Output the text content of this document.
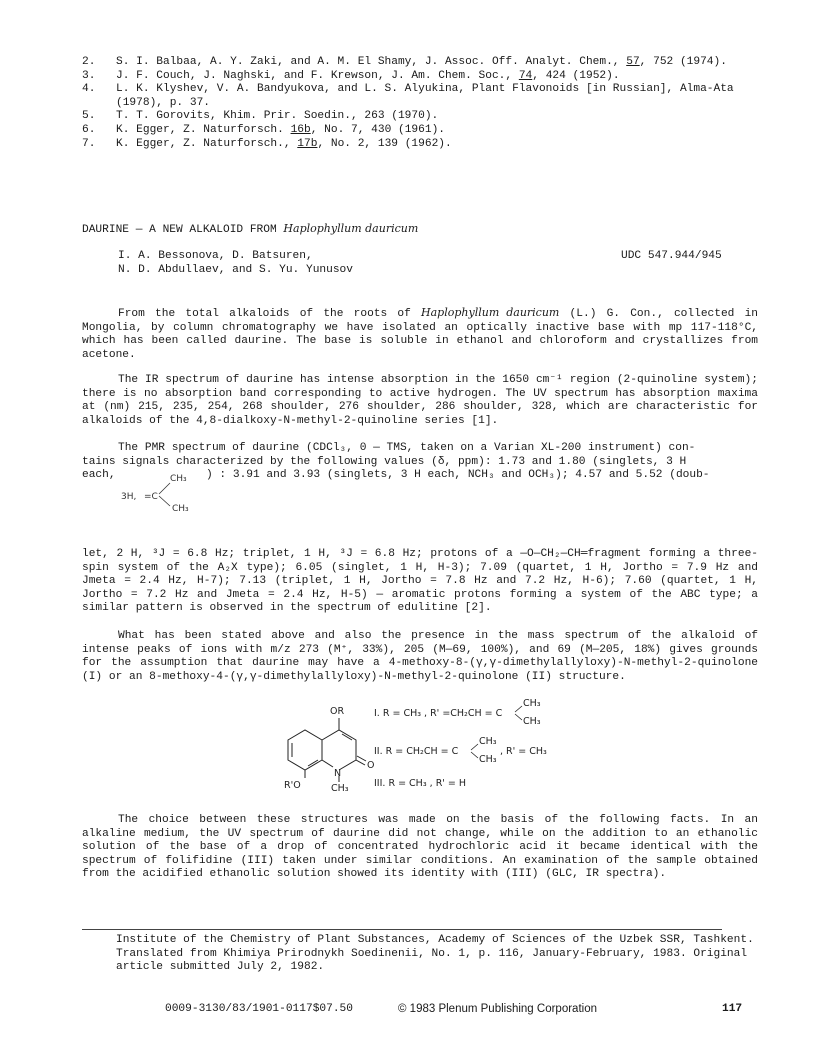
2.	S. I. Balbaa, A. Y. Zaki, and A. M. El Shamy, J. Assoc. Off. Analyt. Chem., 57, 752 (1974).
3.	J. F. Couch, J. Naghski, and F. Krewson, J. Am. Chem. Soc., 74, 424 (1952).
4.	L. K. Klyshev, V. A. Bandyukova, and L. S. Alyukina, Plant Flavonoids [in Russian], Alma-Ata (1978), p. 37.
5.	T. T. Gorovits, Khim. Prir. Soedin., 263 (1970).
6.	K. Egger, Z. Naturforsch. 16b, No. 7, 430 (1961).
7.	K. Egger, Z. Naturforsch., 17b, No. 2, 139 (1962).
DAURINE — A NEW ALKALOID FROM Haplophyllum dauricum
I. A. Bessonova, D. Batsuren,
N. D. Abdullaev, and S. Yu. Yunusov
UDC 547.944/945
From the total alkaloids of the roots of Haplophyllum dauricum (L.) G. Con., collected in Mongolia, by column chromatography we have isolated an optically inactive base with mp 117-118°C, which has been called daurine. The base is soluble in ethanol and chloroform and crystallizes from acetone.
The IR spectrum of daurine has intense absorption in the 1650 cm⁻¹ region (2-quinoline system); there is no absorption band corresponding to active hydrogen. The UV spectrum has absorption maxima at (nm) 215, 235, 254, 268 shoulder, 276 shoulder, 286 shoulder, 328, which are characteristic for alkaloids of the 4,8-dialkoxy-N-methyl-2-quinoline series [1].
The PMR spectrum of daurine (CDCl₃, 0 — TMS, taken on a Varian XL-200 instrument) con-
tains signals characterized by the following values (δ, ppm): 1.73 and 1.80 (singlets, 3 H
each,	) : 3.91 and 3.93 (singlets, 3 H each, NCH₃ and OCH₃); 4.57 and 5.52 (doub-
CH₃
3H, =C
CH₃
let, 2 H, ³J = 6.8 Hz; triplet, 1 H, ³J = 6.8 Hz; protons of a —O—CH₂—CH═fragment forming a three-spin system of the A₂X type); 6.05 (singlet, 1 H, H-3); 7.09 (quartet, 1 H, Jortho = 7.9 Hz and Jmeta = 2.4 Hz, H-7); 7.13 (triplet, 1 H, Jortho = 7.8 Hz and 7.2 Hz, H-6); 7.60 (quartet, 1 H, Jortho = 7.2 Hz and Jmeta = 2.4 Hz, H-5) — aromatic protons forming a system of the ABC type; a similar pattern is observed in the spectrum of edulitine [2].
What has been stated above and also the presence in the mass spectrum of the alkaloid of intense peaks of ions with m/z 273 (M⁺, 33%), 205 (M—69, 100%), and 69 (M—205, 18%) gives grounds for the assumption that daurine may have a 4-methoxy-8-(γ,γ-dimethylallyloxy)-N-methyl-2-quinolone (I) or an 8-methoxy-4-(γ,γ-dimethylallyloxy)-N-methyl-2-quinolone (II) structure.
OR
O
N
R'O	CH₃
I. R = CH₃ , R' =CH₂CH = C
CH₃
CH₃
II. R = CH₂CH = C
CH₃
CH₃
, R' = CH₃
III. R = CH₃ , R' = H
The choice between these structures was made on the basis of the following facts. In an alkaline medium, the UV spectrum of daurine did not change, while on the addition to an ethanolic solution of the base of a drop of concentrated hydrochloric acid it became identical with the spectrum of folifidine (III) taken under similar conditions. An examination of the sample obtained from the acidified ethanolic solution showed its identity with (III) (GLC, IR spectra).
Institute of the Chemistry of Plant Substances, Academy of Sciences of the Uzbek SSR, Tashkent. Translated from Khimiya Prirodnykh Soedinenii, No. 1, p. 116, January-February, 1983. Original article submitted July 2, 1982.
0009-3130/83/1901-0117$07.50	© 1983 Plenum Publishing Corporation	117
